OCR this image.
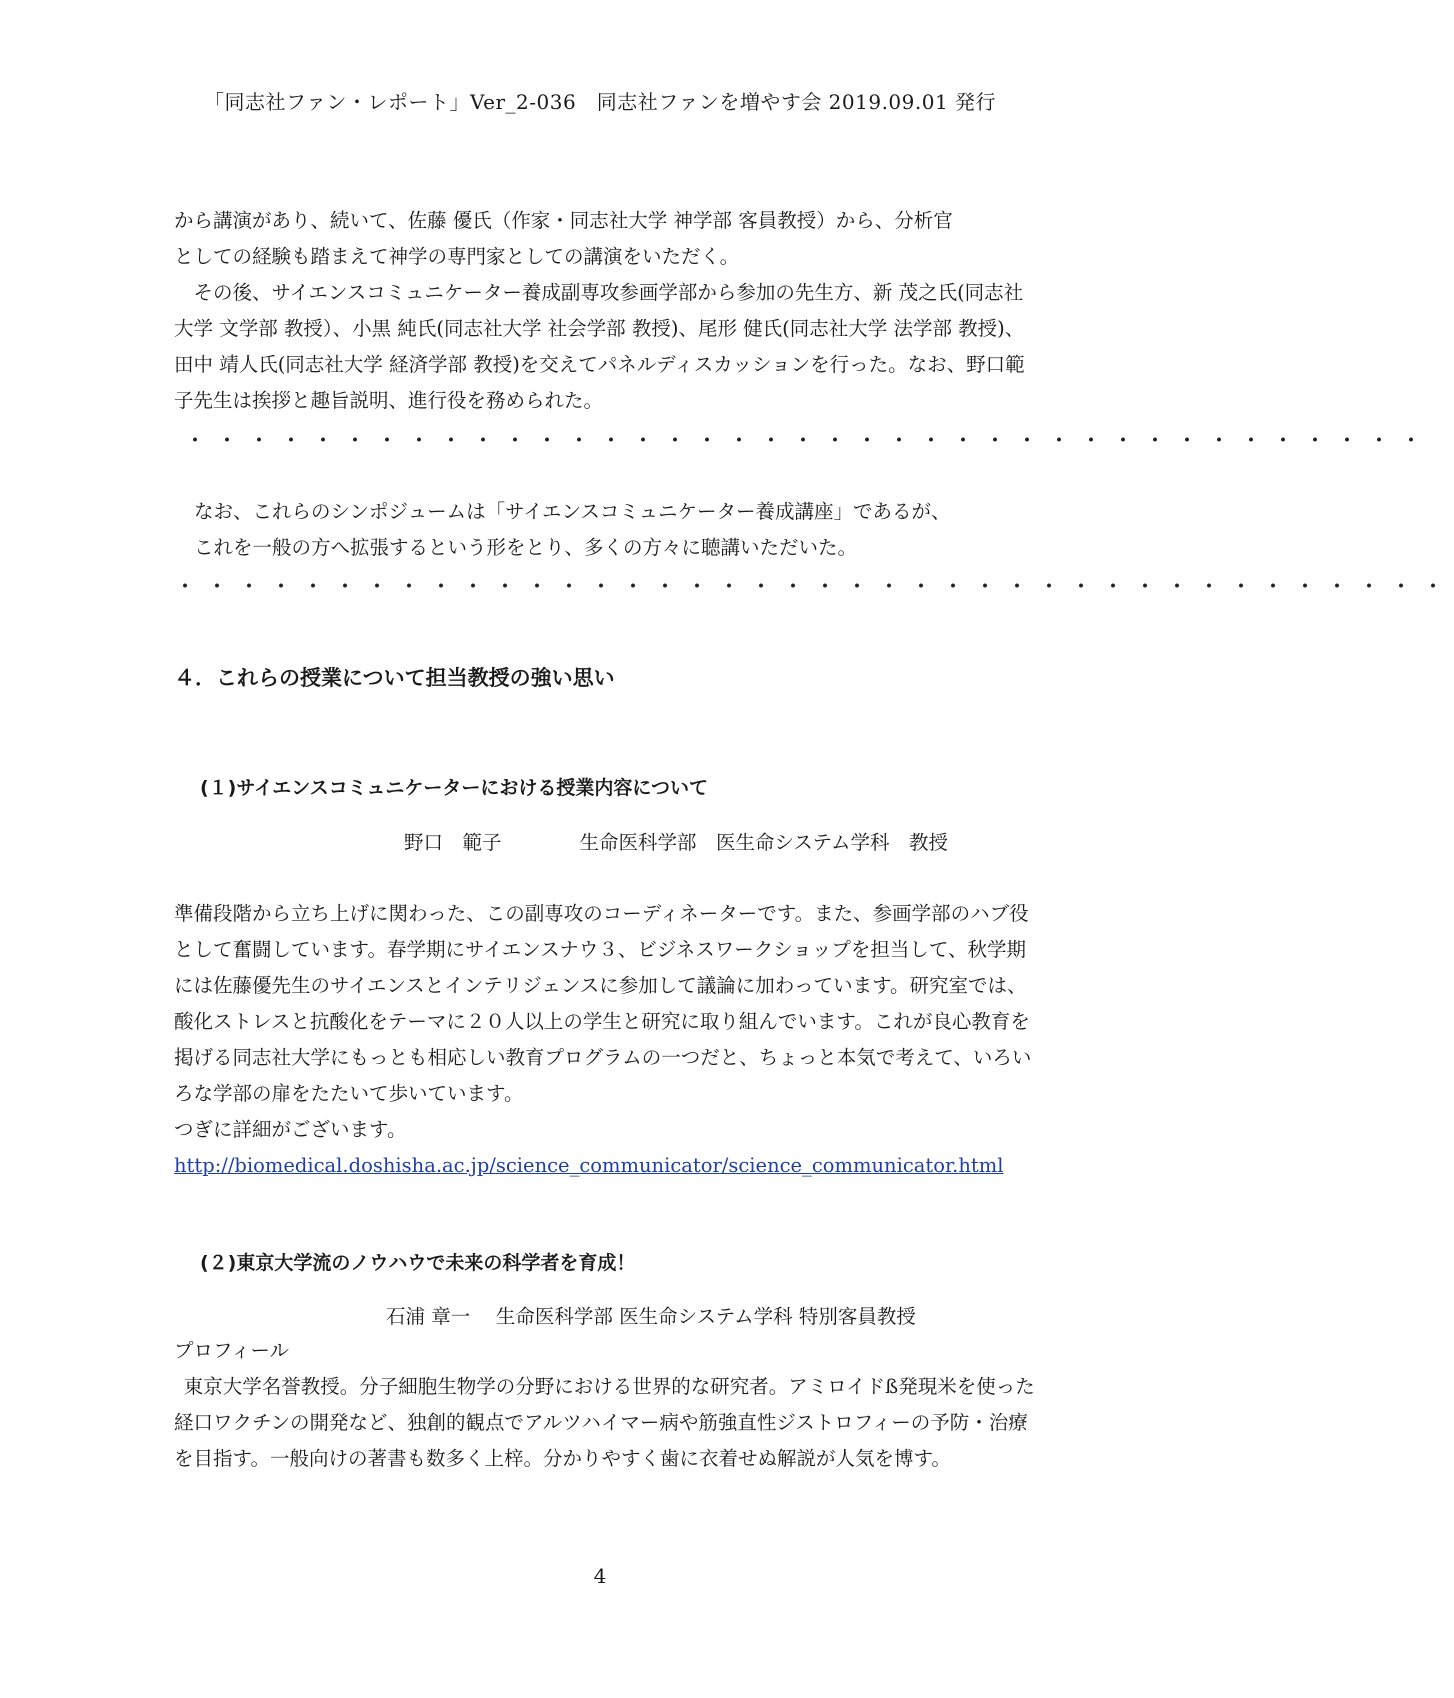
「同志社ファン・レポート」Ver_2-036　同志社ファンを増やす会 2019.09.01 発行

から講演があり、続いて、佐藤 優氏（作家・同志社大学 神学部 客員教授）から、分析官

としての経験も踏まえて神学の専門家としての講演をいただく。

　その後、サイエンスコミュニケーター養成副専攻参画学部から参加の先生方、新 茂之氏(同志社大学 文学部 教授）、小黒 純氏(同志社大学 社会学部 教授)、尾形 健氏(同志社大学 法学部 教授)、田中 靖人氏(同志社大学 経済学部 教授)を交えてパネルディスカッションを行った。なお、野口範子先生は挨拶と趣旨説明、進行役を務められた。

・・・・・・・・・・・・・・・・・・・・・・・・・・・・・・・・・・・・・・・

なお、これらのシンポジュームは「サイエンスコミュニケーター養成講座」であるが、

これを一般の方へ拡張するという形をとり、多くの方々に聴講いただいた。

・・・・・・・・・・・・・・・・・・・・・・・・・・・・・・・・・・・・・・・・
４．これらの授業について担当教授の強い思い
(１)サイエンスコミュニケーターにおける授業内容について
野口　範子　　　　生命医科学部　医生命システム学科　教授

準備段階から立ち上げに関わった、この副専攻のコーディネーターです。また、参画学部のハブ役として奮闘しています。春学期にサイエンスナウ３、ビジネスワークショップを担当して、秋学期には佐藤優先生のサイエンスとインテリジェンスに参加して議論に加わっています。研究室では、酸化ストレスと抗酸化をテーマに２０人以上の学生と研究に取り組んでいます。これが良心教育を掲げる同志社大学にもっとも相応しい教育プログラムの一つだと、ちょっと本気で考えて、いろいろな学部の扉をたたいて歩いています。

つぎに詳細がございます。

http://biomedical.doshisha.ac.jp/science_communicator/science_communicator.html

(２)東京大学流のノウハウで未来の科学者を育成！
石浦 章一　 生命医科学部 医生命システム学科 特別客員教授

プロフィール

東京大学名誉教授。分子細胞生物学の分野における世界的な研究者。アミロイドß発現米を使った経口ワクチンの開発など、独創的観点でアルツハイマー病や筋強直性ジストロフィーの予防・治療を目指す。一般向けの著書も数多く上梓。分かりやすく歯に衣着せぬ解説が人気を博す。

4
